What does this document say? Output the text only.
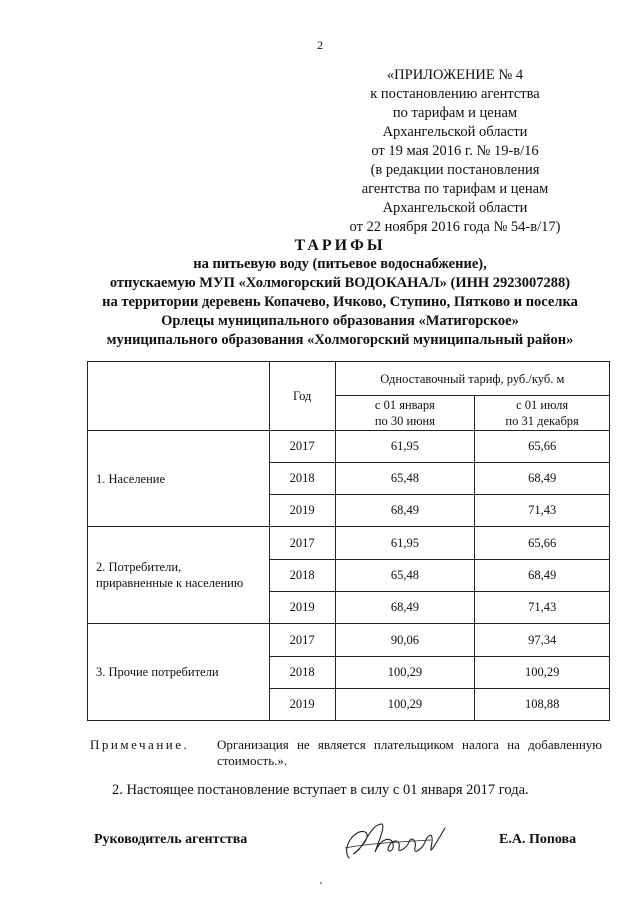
2
«ПРИЛОЖЕНИЕ № 4
к постановлению агентства
по тарифам и ценам
Архангельской области
от 19 мая 2016 г. № 19-в/16
(в редакции постановления
агентства по тарифам и ценам
Архангельской области
от 22 ноября 2016 года № 54-в/17)
ТАРИФЫ
на питьевую воду (питьевое водоснабжение),
отпускаемую МУП «Холмогорский ВОДОКАНАЛ» (ИНН 2923007288)
на территории деревень Копачево, Ичково, Ступино, Пятково и поселка
Орлецы муниципального образования «Матигорское»
муниципального образования «Холмогорский муниципальный район»
	Год	Одноставочный тариф, руб./куб. м	
		с 01 января
по 30 июня	с 01 июля
по 31 декабря
1. Население	2017	61,95	65,66
	2018	65,48	68,49
	2019	68,49	71,43
2. Потребители,
приравненные к населению	2017	61,95	65,66
	2018	65,48	68,49
	2019	68,49	71,43
3. Прочие потребители	2017	90,06	97,34
	2018	100,29	100,29
	2019	100,29	108,88
Примечание. Организация не является плательщиком налога на добавленную стоимость.».
2. Настоящее постановление вступает в силу с 01 января 2017 года.
Руководитель агентства	Е.А. Попова
